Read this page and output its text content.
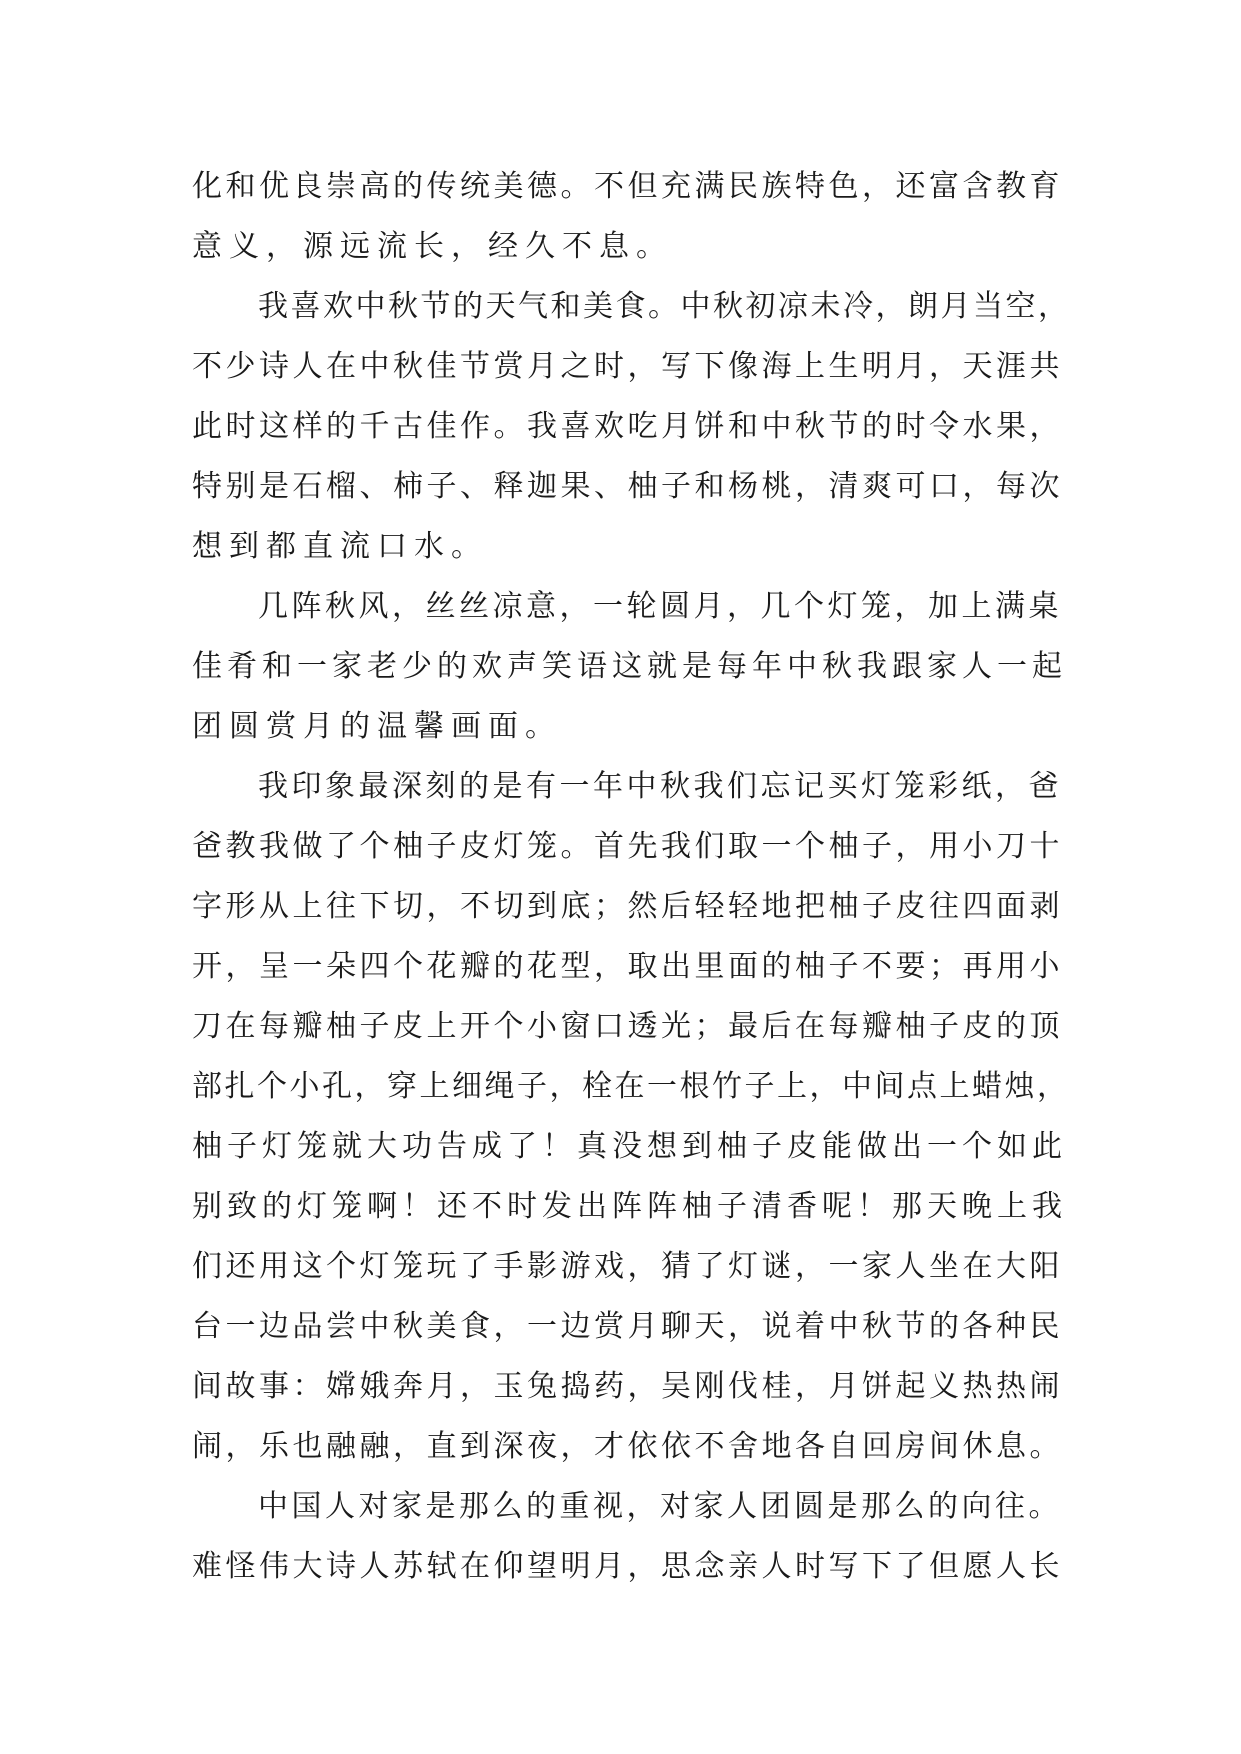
化和优良崇高的传统美德。不但充满民族特色，还富含教育
意义，源远流长，经久不息。
我喜欢中秋节的天气和美食。中秋初凉未冷，朗月当空，
不少诗人在中秋佳节赏月之时，写下像海上生明月，天涯共
此时这样的千古佳作。我喜欢吃月饼和中秋节的时令水果，
特别是石榴、柿子、释迦果、柚子和杨桃，清爽可口，每次
想到都直流口水。
几阵秋风，丝丝凉意，一轮圆月，几个灯笼，加上满桌
佳肴和一家老少的欢声笑语这就是每年中秋我跟家人一起
团圆赏月的温馨画面。
我印象最深刻的是有一年中秋我们忘记买灯笼彩纸，爸
爸教我做了个柚子皮灯笼。首先我们取一个柚子，用小刀十
字形从上往下切，不切到底；然后轻轻地把柚子皮往四面剥
开，呈一朵四个花瓣的花型，取出里面的柚子不要；再用小
刀在每瓣柚子皮上开个小窗口透光；最后在每瓣柚子皮的顶
部扎个小孔，穿上细绳子，栓在一根竹子上，中间点上蜡烛，
柚子灯笼就大功告成了！真没想到柚子皮能做出一个如此
别致的灯笼啊！还不时发出阵阵柚子清香呢！那天晚上我
们还用这个灯笼玩了手影游戏，猜了灯谜，一家人坐在大阳
台一边品尝中秋美食，一边赏月聊天，说着中秋节的各种民
间故事：嫦娥奔月，玉兔捣药，吴刚伐桂，月饼起义热热闹
闹，乐也融融，直到深夜，才依依不舍地各自回房间休息。
中国人对家是那么的重视，对家人团圆是那么的向往。
难怪伟大诗人苏轼在仰望明月，思念亲人时写下了但愿人长
